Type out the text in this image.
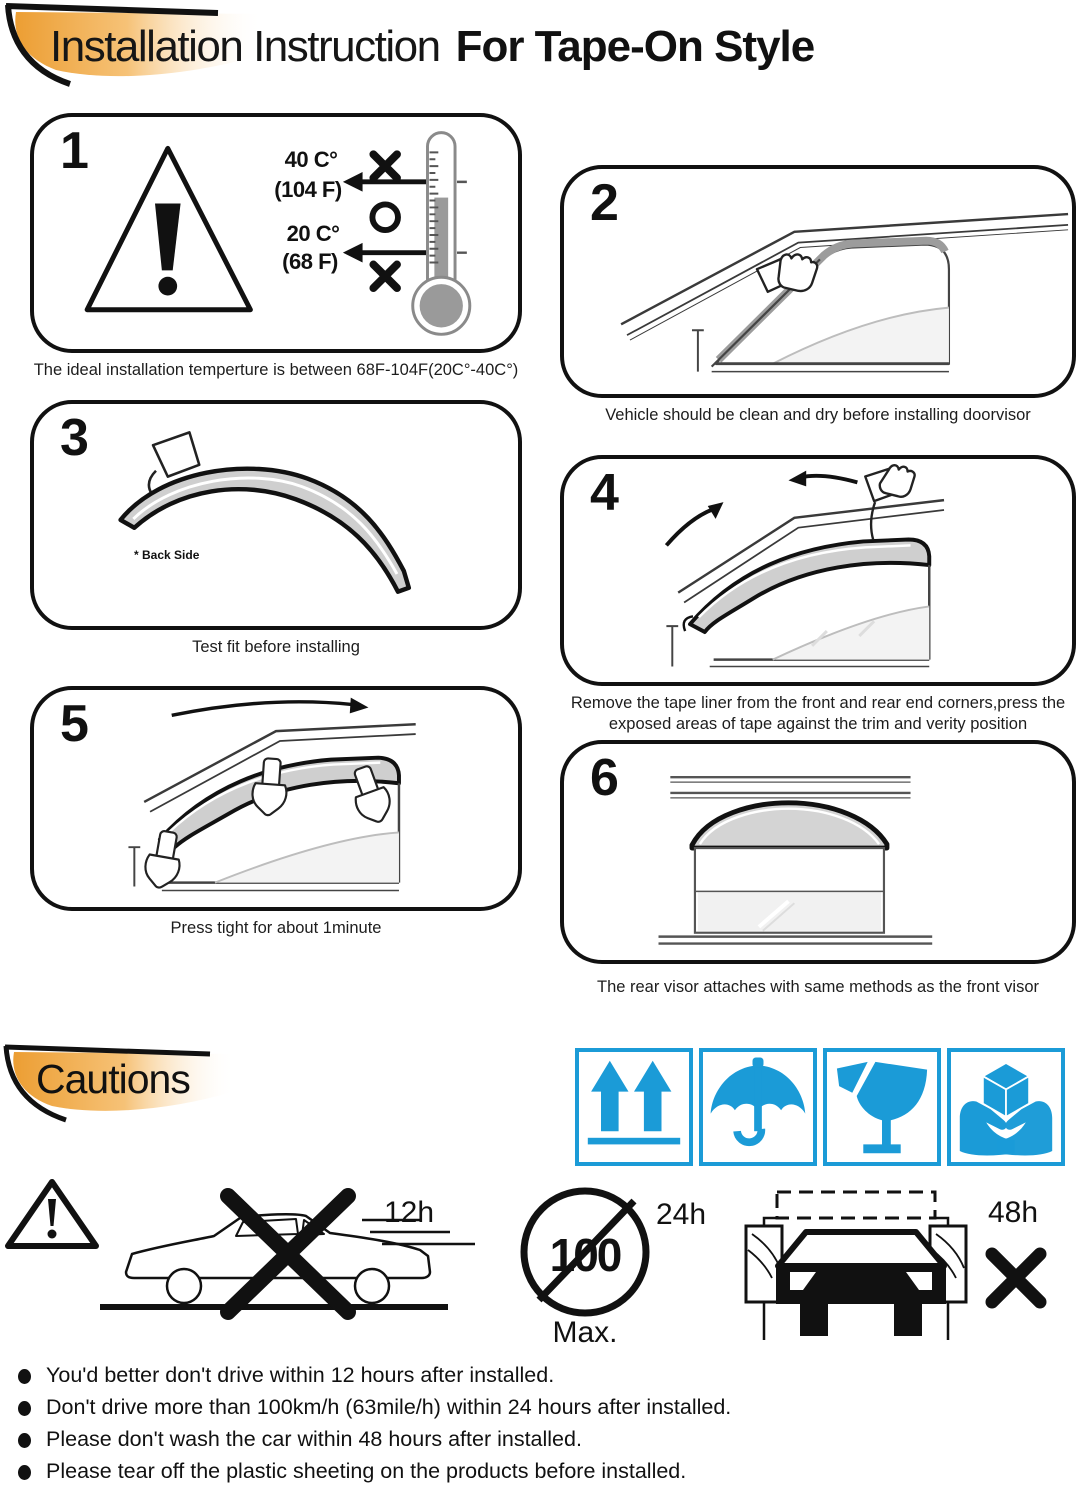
Installation Instruction For Tape-On Style
1	40 C°
(104 F)
20 C°
(68 F)
The ideal installation temperture is between 68F-104F(20C°-40C°)
2
Vehicle should be clean and dry before installing doorvisor
3
* Back Side
Test fit before installing
4
Remove the tape liner from the front and rear end corners,press the exposed areas of tape against the trim and verity position
5
Press tight for about 1minute
6
The rear visor attaches with same methods as the front visor
Cautions
12h
100
24h
Max.
48h
You'd better don't drive within 12 hours after installed.
Don't drive more than 100km/h (63mile/h) within 24 hours after installed.
Please don't wash the car within 48 hours after installed.
Please tear off the plastic sheeting on the products before installed.
